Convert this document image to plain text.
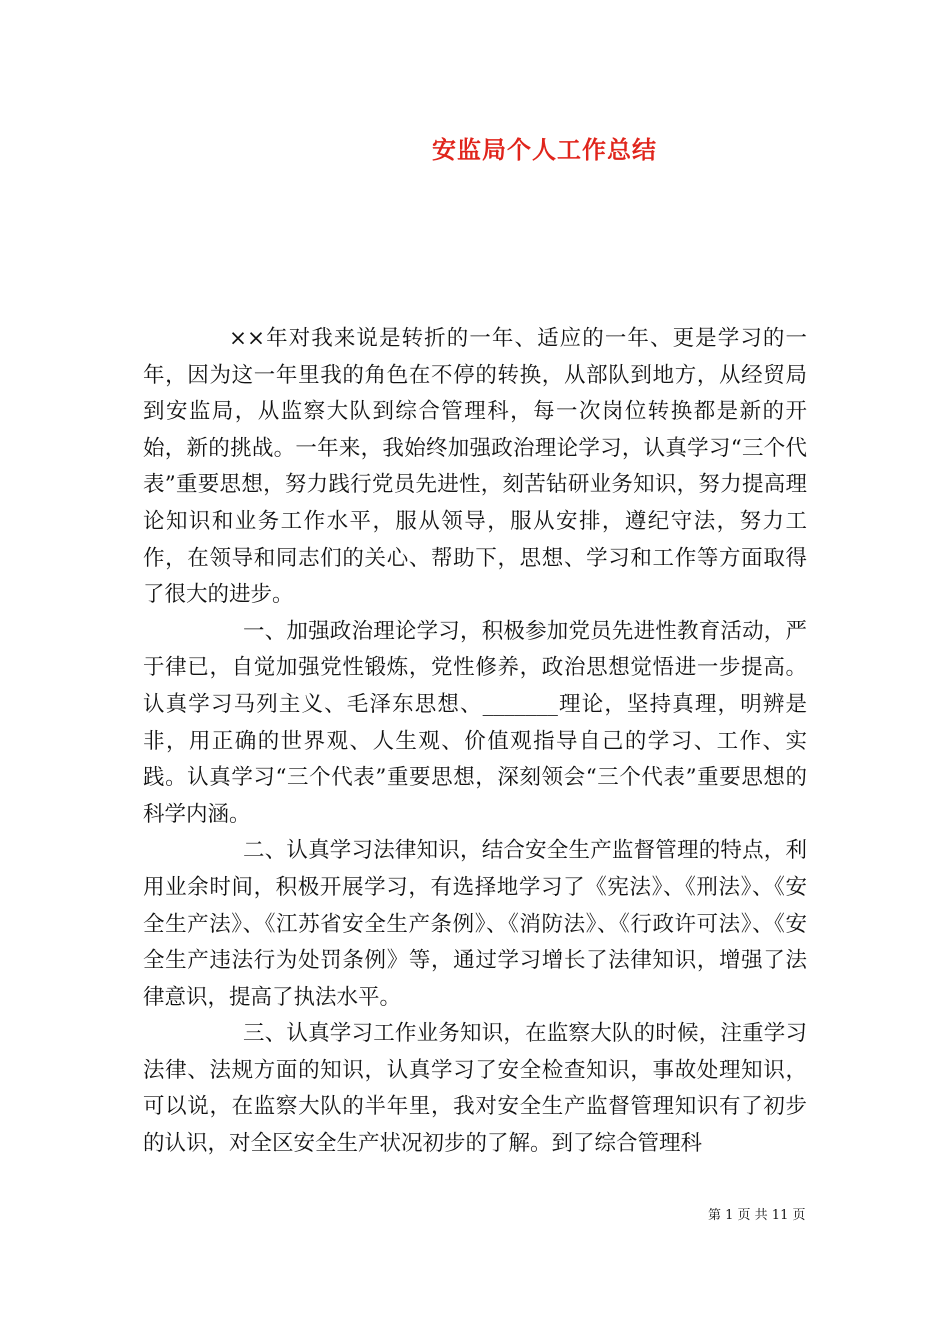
安监局个人工作总结

××年对我来说是转折的一年、适应的一年、更是学习的一年，因为这一年里我的角色在不停的转换，从部队到地方，从经贸局到安监局，从监察大队到综合管理科，每一次岗位转换都是新的开始，新的挑战。一年来，我始终加强政治理论学习，认真学习“三个代表”重要思想，努力践行党员先进性，刻苦钻研业务知识，努力提高理论知识和业务工作水平，服从领导，服从安排，遵纪守法，努力工作，在领导和同志们的关心、帮助下，思想、学习和工作等方面取得了很大的进步。

一、加强政治理论学习，积极参加党员先进性教育活动，严于律已，自觉加强党性锻炼，党性修养，政治思想觉悟进一步提高。认真学习马列主义、毛泽东思想、_______理论，坚持真理，明辨是非，用正确的世界观、人生观、价值观指导自己的学习、工作、实践。认真学习“三个代表”重要思想，深刻领会“三个代表”重要思想的科学内涵。

二、认真学习法律知识，结合安全生产监督管理的特点，利用业余时间，积极开展学习，有选择地学习了《宪法》、《刑法》、《安全生产法》、《江苏省安全生产条例》、《消防法》、《行政许可法》、《安全生产违法行为处罚条例》等，通过学习增长了法律知识，增强了法律意识，提高了执法水平。

三、认真学习工作业务知识，在监察大队的时候，注重学习法律、法规方面的知识，认真学习了安全检查知识，事故处理知识，可以说，在监察大队的半年里，我对安全生产监督管理知识有了初步的认识，对全区安全生产状况初步的了解。到了综合管理科

第 1 页 共 11 页
